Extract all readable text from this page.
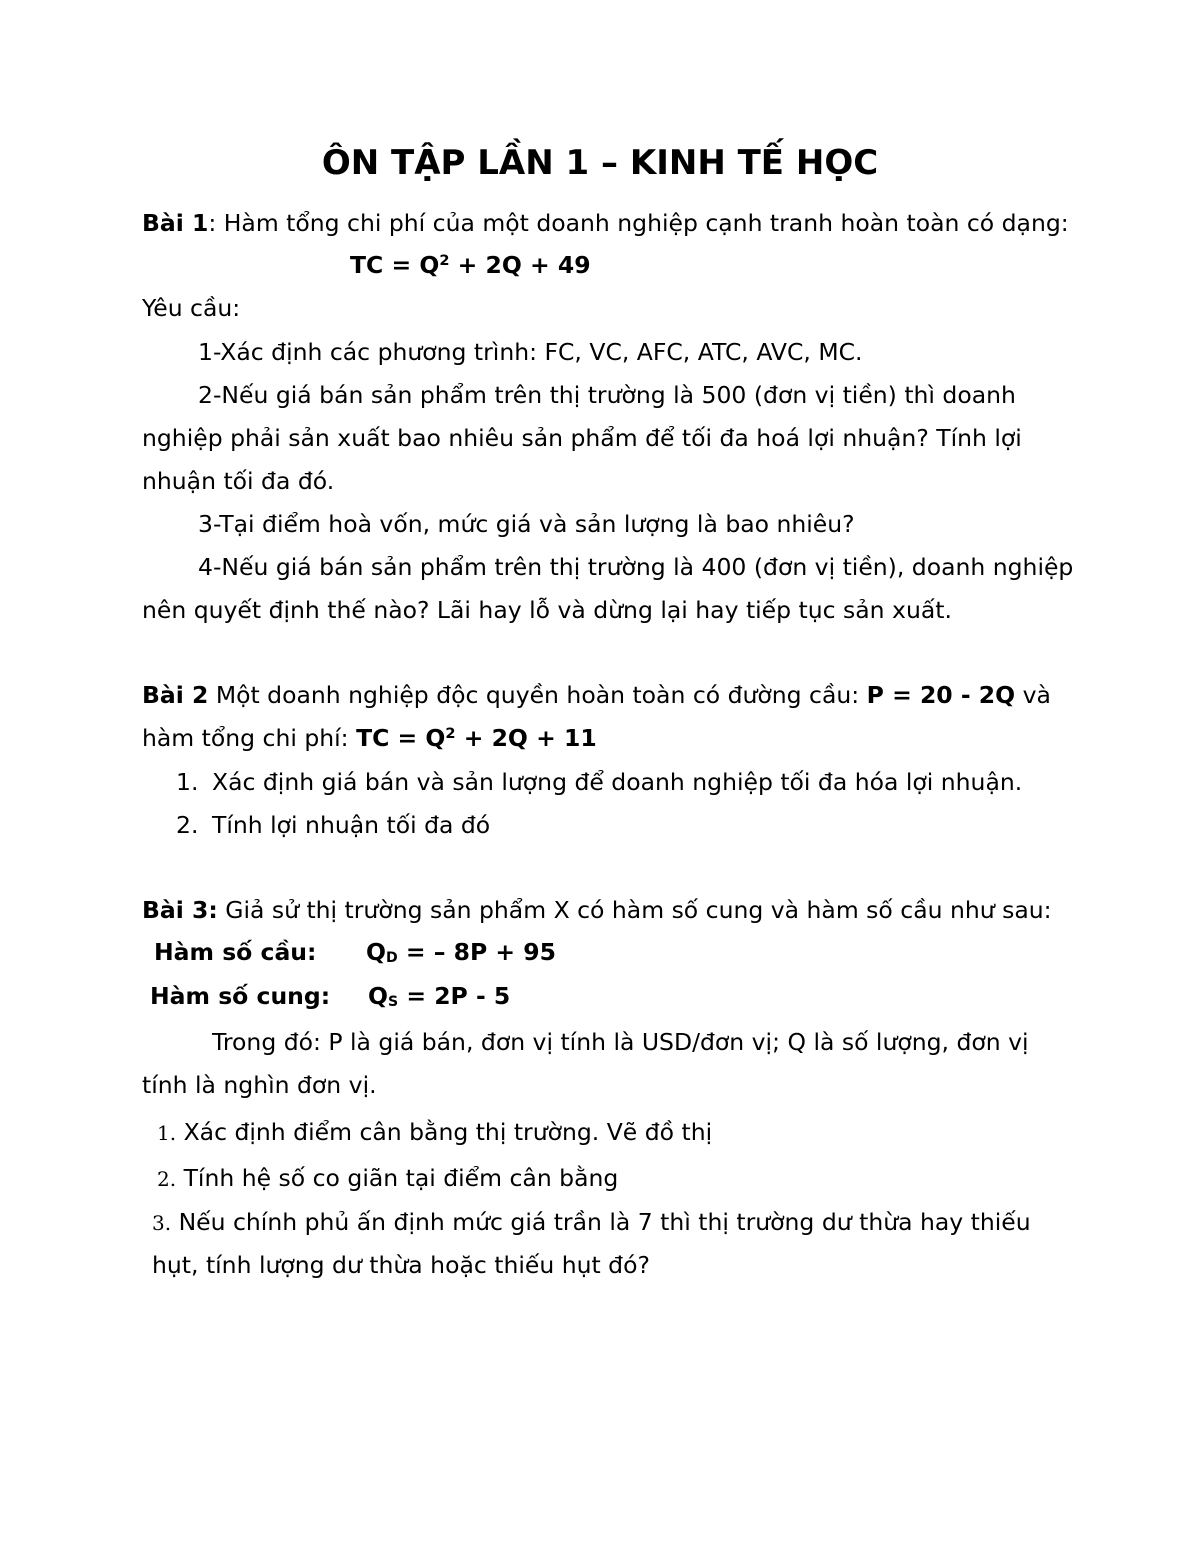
ÔN TẬP LẦN 1 – KINH TẾ HỌC
Bài 1: Hàm tổng chi phí của một doanh nghiệp cạnh tranh hoàn toàn có dạng:
TC = $Q^2 + 2Q + 49$
Yêu cầu:
1-Xác định các phương trình: FC, VC, AFC, ATC, AVC, MC.
2-Nếu giá bán sản phẩm trên thị trường là 500 (đơn vị tiền) thì doanh
nghiệp phải sản xuất bao nhiêu sản phẩm để tối đa hoá lợi nhuận? Tính lợi
nhuận tối đa đó.
3-Tại điểm hoà vốn, mức giá và sản lượng là bao nhiêu?
4-Nếu giá bán sản phẩm trên thị trường là 400 (đơn vị tiền), doanh nghiệp
nên quyết định thế nào? Lãi hay lỗ và dừng lại hay tiếp tục sản xuất.
Bài 2 Một doanh nghiệp độc quyền hoàn toàn có đường cầu: P = 20 - 2Q và
hàm tổng chi phí: TC = $Q^2 + 2Q + 11$
1. Xác định giá bán và sản lượng để doanh nghiệp tối đa hóa lợi nhuận.
2. Tính lợi nhuận tối đa đó
Bài 3: Giả sử thị trường sản phẩm X có hàm số cung và hàm số cầu như sau:
Hàm số cầu: $Q_D$ = – 8P + 95
Hàm số cung: $Q_S = 2P - 5$
Trong đó: P là giá bán, đơn vị tính là USD/đơn vị; Q là số lượng, đơn vị
tính là nghìn đơn vị.
1. Xác định điểm cân bằng thị trường. Vẽ đồ thị
2. Tính hệ số co giãn tại điểm cân bằng
3. Nếu chính phủ ấn định mức giá trần là 7 thì thị trường dư thừa hay thiếu
hụt, tính lượng dư thừa hoặc thiếu hụt đó?
